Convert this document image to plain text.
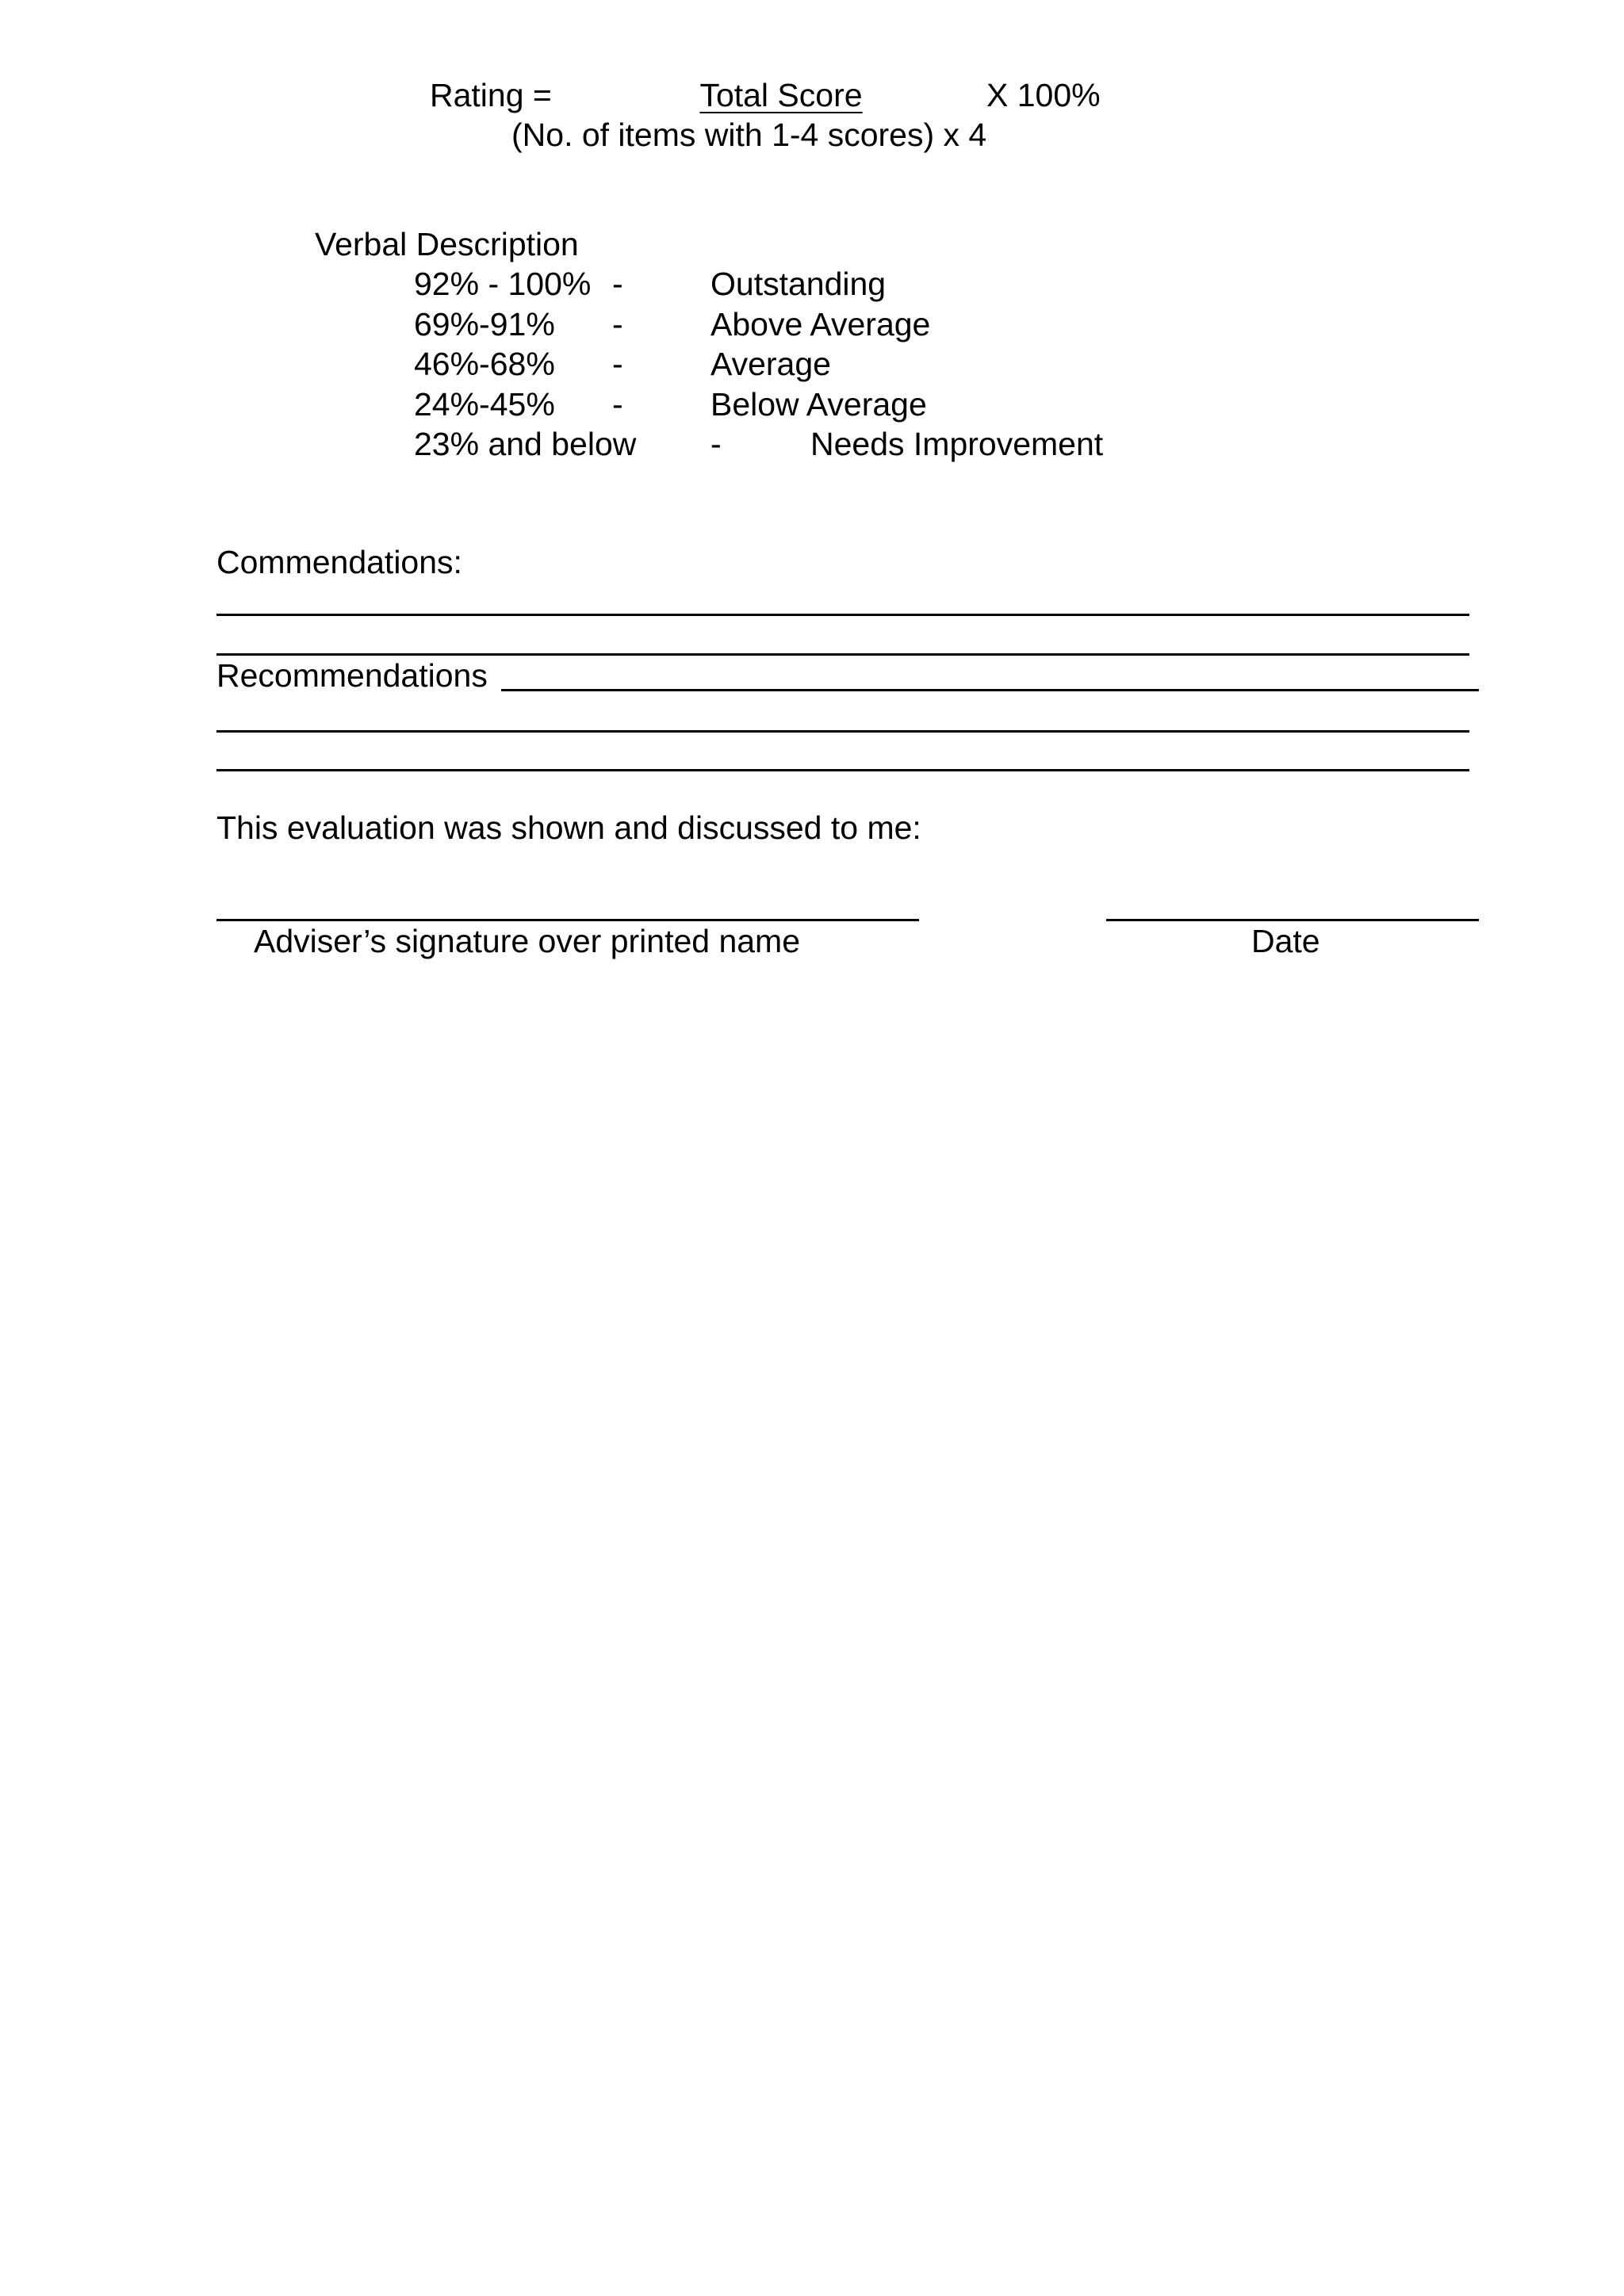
Rating =	Total Score	X 100%
(No. of items with 1-4 scores) x 4
Verbal Description
92% - 100% -	Outstanding
69%-91% -	Above Average
46%-68% -	Average
24%-45% -	Below Average
23% and below -	Needs Improvement
Commendations:
Recommendations
This evaluation was shown and discussed to me:
Adviser’s signature over printed name	Date
